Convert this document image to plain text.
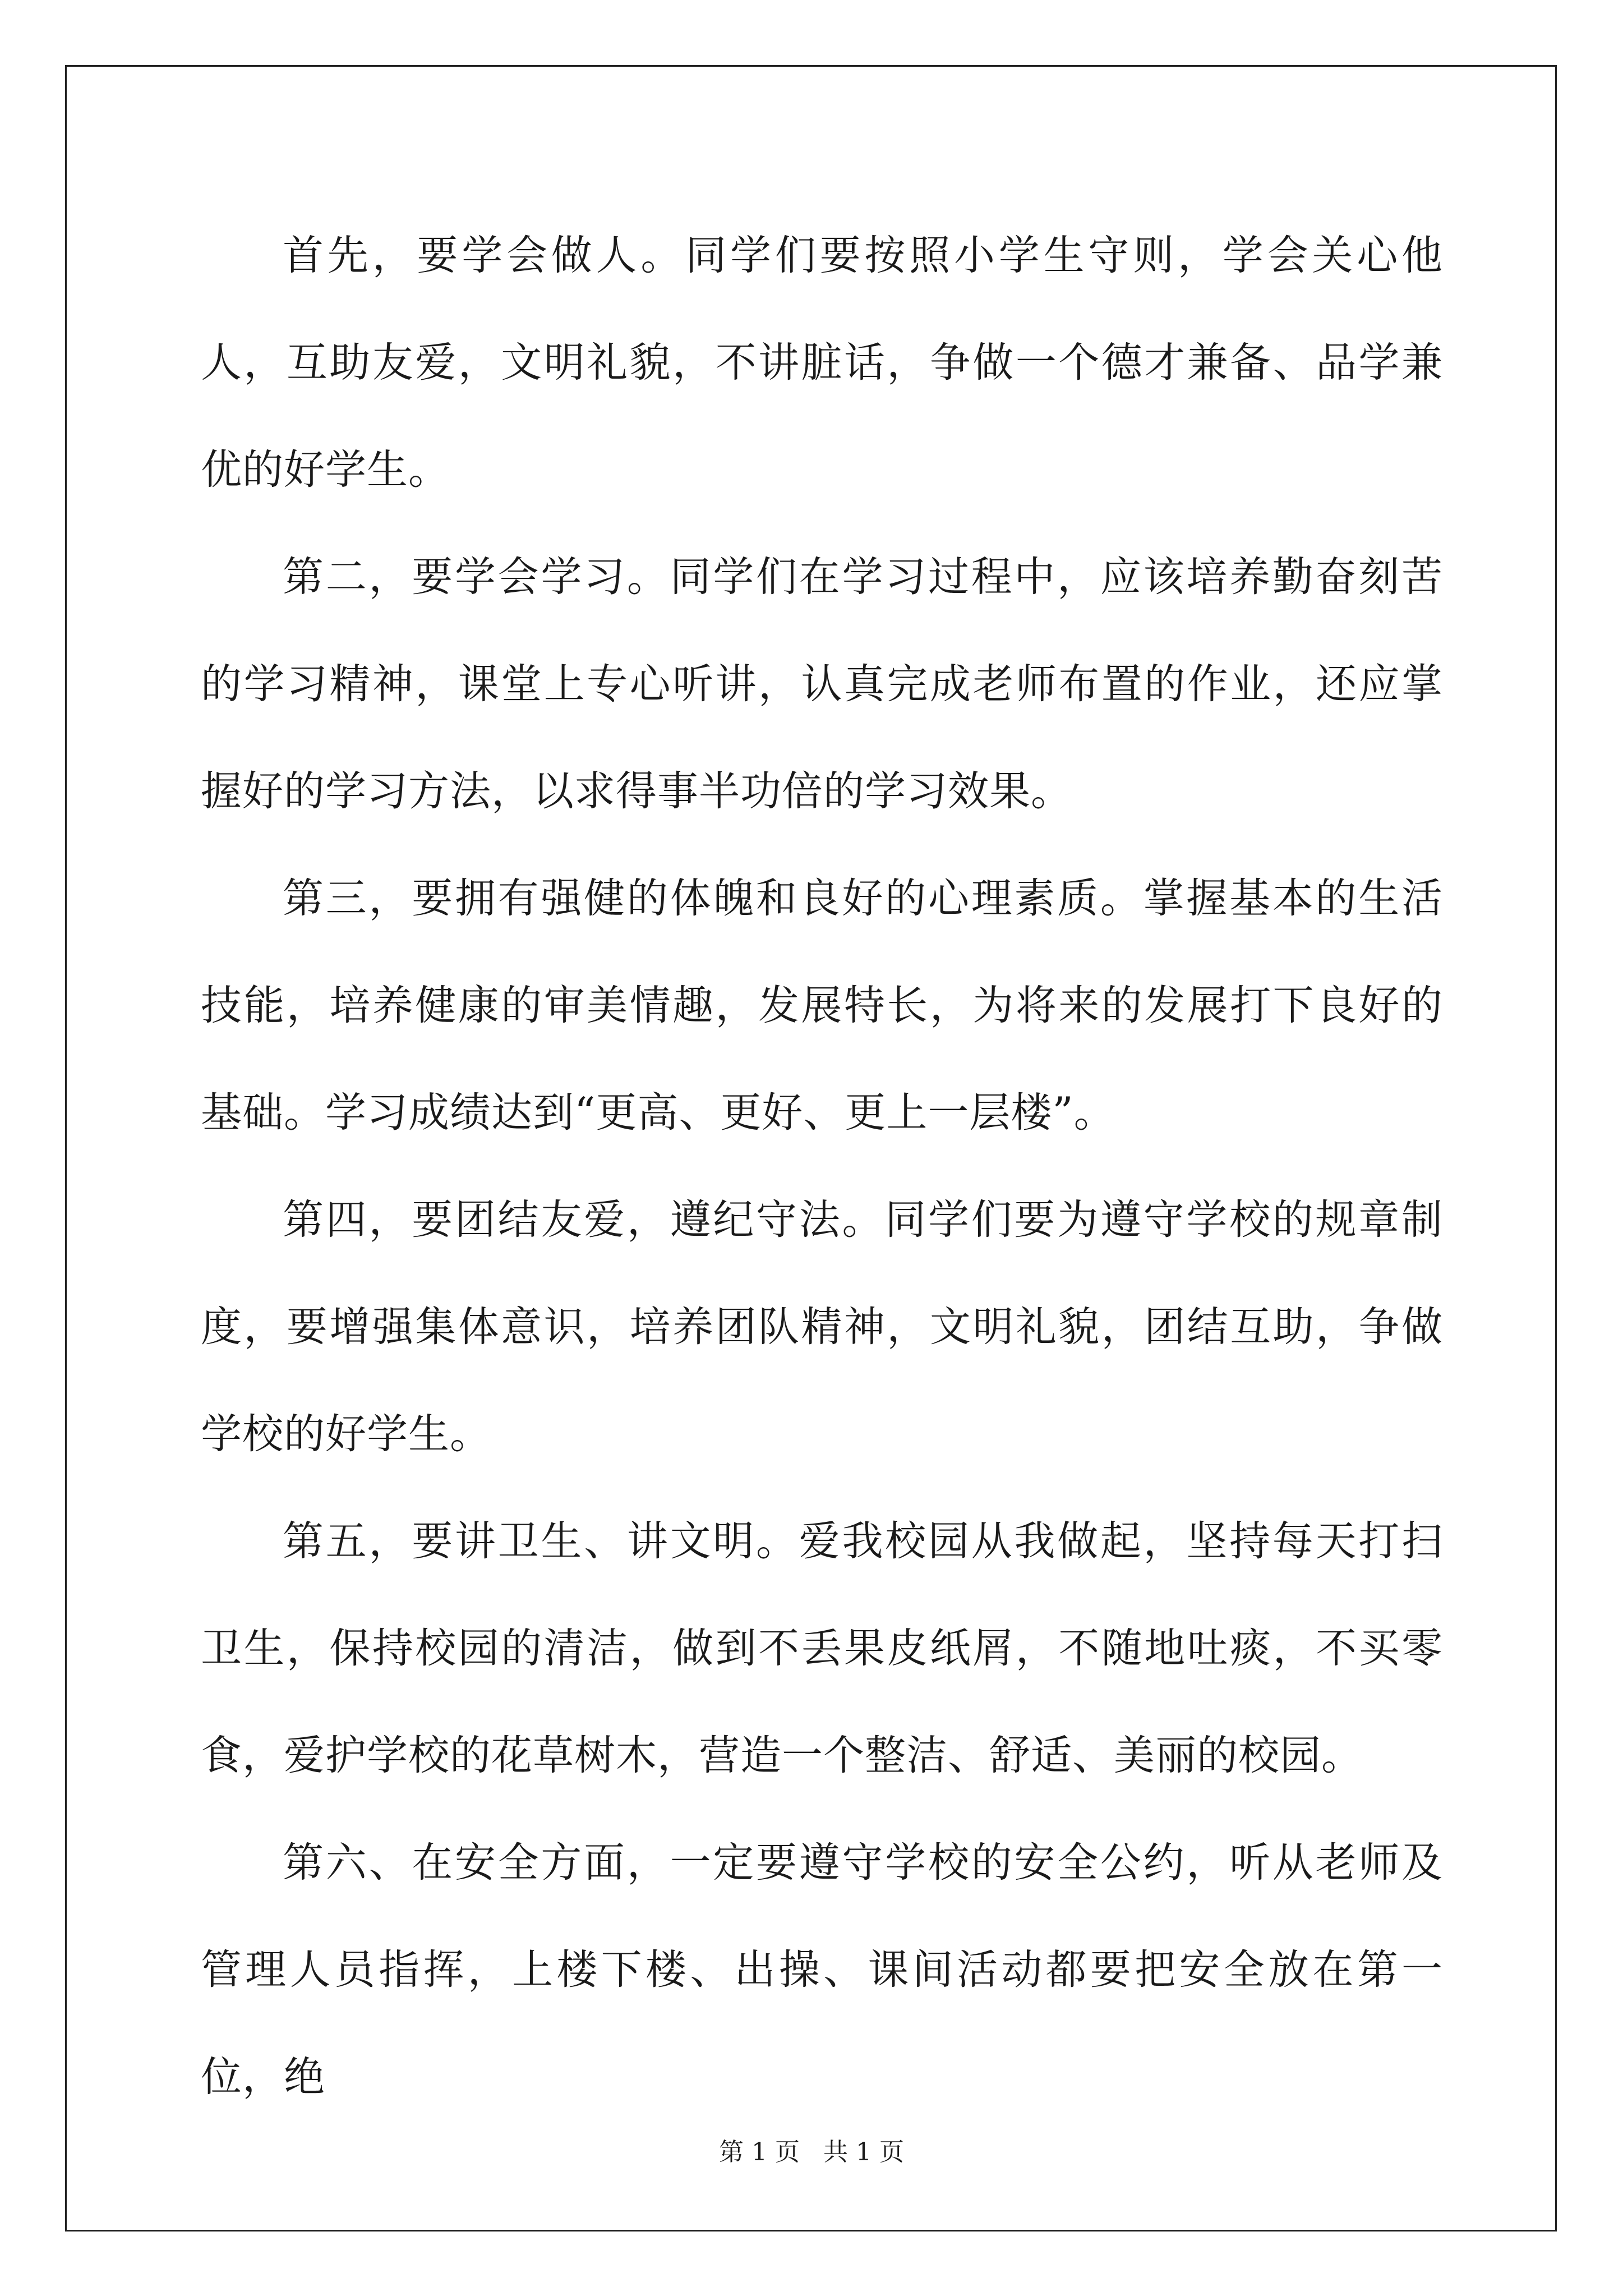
首先，要学会做人。同学们要按照小学生守则，学会关心他人，互助友爱，文明礼貌，不讲脏话，争做一个德才兼备、品学兼优的好学生。

第二，要学会学习。同学们在学习过程中，应该培养勤奋刻苦的学习精神，课堂上专心听讲，认真完成老师布置的作业，还应掌握好的学习方法，以求得事半功倍的学习效果。

第三，要拥有强健的体魄和良好的心理素质。掌握基本的生活技能，培养健康的审美情趣，发展特长，为将来的发展打下良好的基础。学习成绩达到“更高、更好、更上一层楼”。

第四，要团结友爱，遵纪守法。同学们要为遵守学校的规章制度，要增强集体意识，培养团队精神，文明礼貌，团结互助，争做学校的好学生。

第五，要讲卫生、讲文明。爱我校园从我做起，坚持每天打扫卫生，保持校园的清洁，做到不丢果皮纸屑，不随地吐痰，不买零食，爱护学校的花草树木，营造一个整洁、舒适、美丽的校园。

第六、在安全方面，一定要遵守学校的安全公约，听从老师及管理人员指挥，上楼下楼、出操、课间活动都要把安全放在第一位，绝

第 1 页   共 1 页
